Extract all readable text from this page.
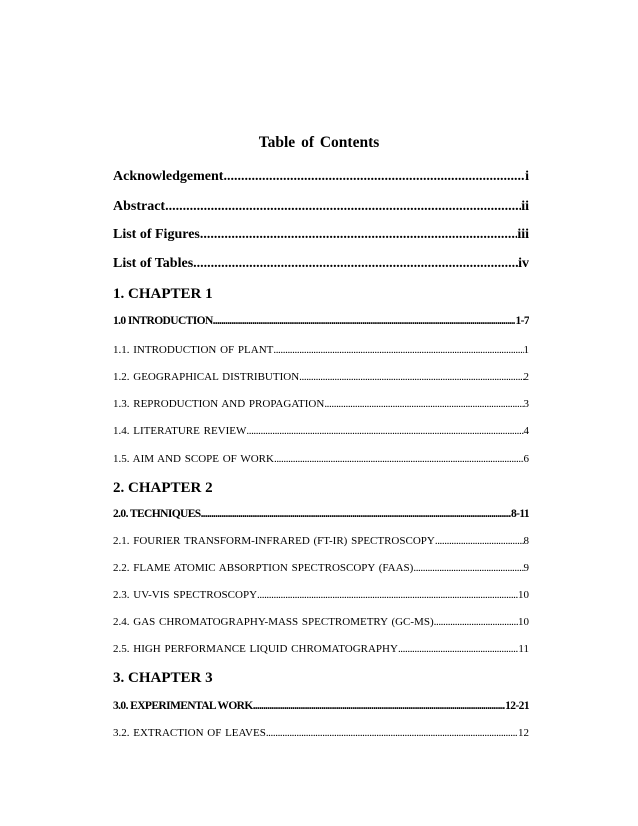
Table of Contents
Acknowledgement .....	i
Abstract .....	ii
List of Figures .....	iii
List of Tables .....	iv
1. CHAPTER 1
1.0 INTRODUCTION .....	1-7
1.1. INTRODUCTION OF PLANT .....	1
1.2. GEOGRAPHICAL DISTRIBUTION .....	2
1.3. REPRODUCTION AND PROPAGATION .....	3
1.4. LITERATURE REVIEW .....	4
1.5. AIM AND SCOPE OF WORK .....	6
2. CHAPTER 2
2.0. TECHNIQUES .....	8-11
2.1. FOURIER TRANSFORM-INFRARED (FT-IR) SPECTROSCOPY .....	8
2.2. FLAME ATOMIC ABSORPTION SPECTROSCOPY (FAAS) .....	9
2.3. UV-VIS SPECTROSCOPY .....	10
2.4. GAS CHROMATOGRAPHY-MASS SPECTROMETRY (GC-MS) .....	10
2.5. HIGH PERFORMANCE LIQUID CHROMATOGRAPHY .....	11
3. CHAPTER 3
3.0. EXPERIMENTAL WORK .....	12-21
3.2. EXTRACTION OF LEAVES .....	12
